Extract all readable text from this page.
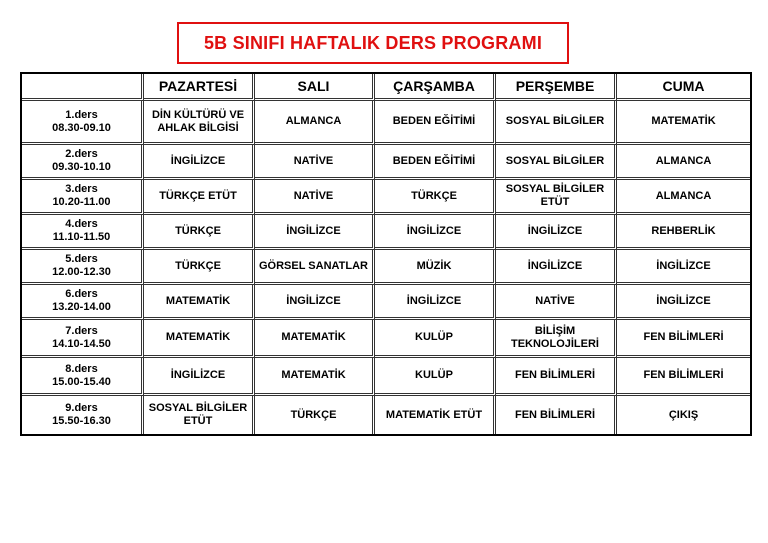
5B SINIFI HAFTALIK DERS PROGRAMI
	PAZARTESİ	SALI	ÇARŞAMBA	PERŞEMBE	CUMA

1.ders
08.30-09.10	DİN KÜLTÜRÜ VE AHLAK BİLGİSİ	ALMANCA	BEDEN EĞİTİMİ	SOSYAL BİLGİLER	MATEMATİK

2.ders
09.30-10.10	İNGİLİZCE	NATİVE	BEDEN EĞİTİMİ	SOSYAL BİLGİLER	ALMANCA

3.ders
10.20-11.00	TÜRKÇE ETÜT	NATİVE	TÜRKÇE	SOSYAL BİLGİLER ETÜT	ALMANCA

4.ders
11.10-11.50	TÜRKÇE	İNGİLİZCE	İNGİLİZCE	İNGİLİZCE	REHBERLİK

5.ders
12.00-12.30	TÜRKÇE	GÖRSEL SANATLAR	MÜZİK	İNGİLİZCE	İNGİLİZCE

6.ders
13.20-14.00	MATEMATİK	İNGİLİZCE	İNGİLİZCE	NATİVE	İNGİLİZCE

7.ders
14.10-14.50	MATEMATİK	MATEMATİK	KULÜP	BİLİŞİM TEKNOLOJİLERİ	FEN BİLİMLERİ

8.ders
15.00-15.40	İNGİLİZCE	MATEMATİK	KULÜP	FEN BİLİMLERİ	FEN BİLİMLERİ

9.ders
15.50-16.30	SOSYAL BİLGİLER ETÜT	TÜRKÇE	MATEMATİK ETÜT	FEN BİLİMLERİ	ÇIKIŞ
